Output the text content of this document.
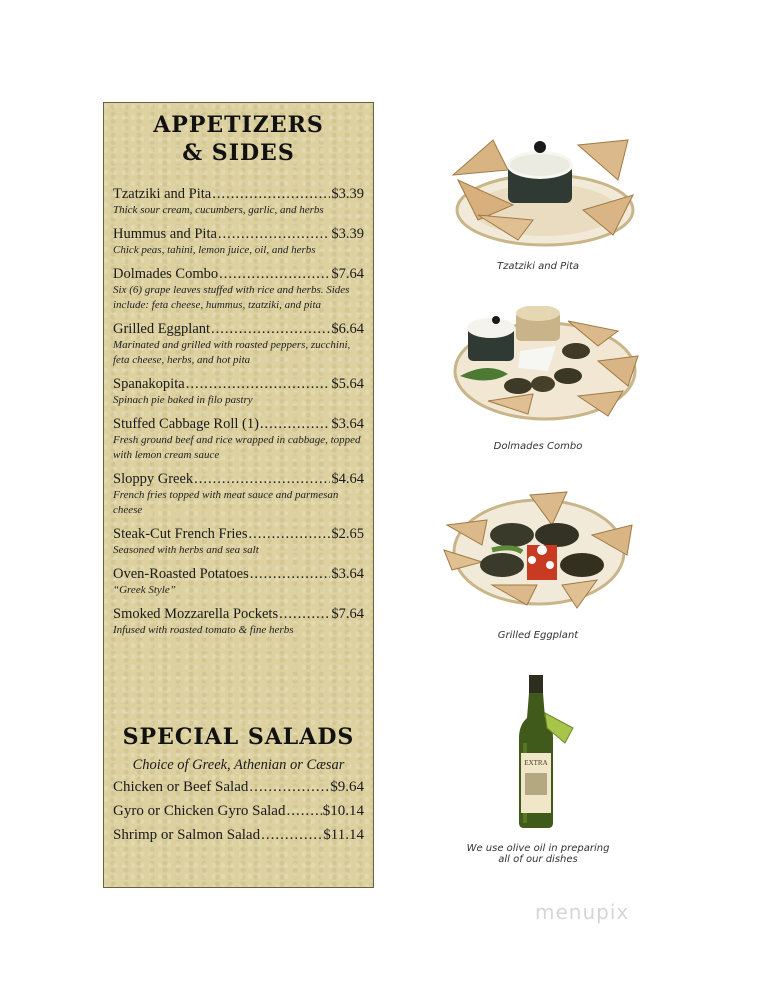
APPETIZERS
& SIDES
Tzatziki and Pita .....	$3.39
Thick sour cream, cucumbers, garlic, and herbs
Hummus and Pita .....	$3.39
Chick peas, tahini, lemon juice, oil, and herbs
Dolmades Combo .....	$7.64
Six (6) grape leaves stuffed with rice and herbs. Sides include: feta cheese, hummus, tzatziki, and pita
Grilled Eggplant .....	$6.64
Marinated and grilled with roasted peppers, zucchini, feta cheese, herbs, and hot pita
Spanakopita .....	$5.64
Spinach pie baked in filo pastry
Stuffed Cabbage Roll (1) .....	$3.64
Fresh ground beef and rice wrapped in cabbage, topped with lemon cream sauce
Sloppy Greek .....	$4.64
French fries topped with meat sauce and parmesan cheese
Steak-Cut French Fries .....	$2.65
Seasoned with herbs and sea salt
Oven-Roasted Potatoes .....	$3.64
“Greek Style”
Smoked Mozzarella Pockets .....	$7.64
Infused with roasted tomato & fine herbs
SPECIAL SALADS
Choice of Greek, Athenian or Cæsar
Chicken or Beef Salad .....	$9.64
Gyro or Chicken Gyro Salad ..... $10.14
Shrimp or Salmon Salad .....	$11.14
Tzatziki and Pita
Dolmades Combo
Grilled Eggplant
EXTRA
We use olive oil in preparing
all of our dishes
menupix
